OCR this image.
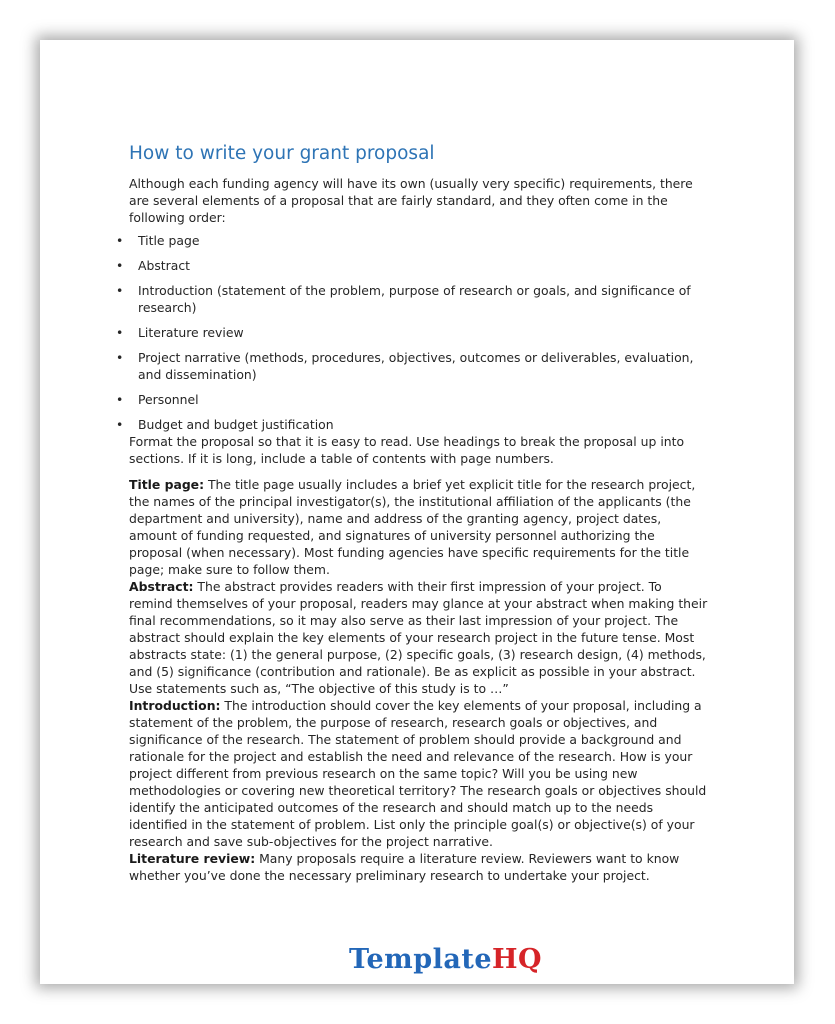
How to write your grant proposal

Although each funding agency will have its own (usually very specific) requirements, there are several elements of a proposal that are fairly standard, and they often come in the following order:

• Title page
• Abstract
• Introduction (statement of the problem, purpose of research or goals, and significance of research)
• Literature review
• Project narrative (methods, procedures, objectives, outcomes or deliverables, evaluation, and dissemination)
• Personnel
• Budget and budget justification

Format the proposal so that it is easy to read. Use headings to break the proposal up into sections. If it is long, include a table of contents with page numbers.

Title page: The title page usually includes a brief yet explicit title for the research project, the names of the principal investigator(s), the institutional affiliation of the applicants (the department and university), name and address of the granting agency, project dates, amount of funding requested, and signatures of university personnel authorizing the proposal (when necessary). Most funding agencies have specific requirements for the title page; make sure to follow them.

Abstract: The abstract provides readers with their first impression of your project. To remind themselves of your proposal, readers may glance at your abstract when making their final recommendations, so it may also serve as their last impression of your project. The abstract should explain the key elements of your research project in the future tense. Most abstracts state: (1) the general purpose, (2) specific goals, (3) research design, (4) methods, and (5) significance (contribution and rationale). Be as explicit as possible in your abstract. Use statements such as, “The objective of this study is to …”

Introduction: The introduction should cover the key elements of your proposal, including a statement of the problem, the purpose of research, research goals or objectives, and significance of the research. The statement of problem should provide a background and rationale for the project and establish the need and relevance of the research. How is your project different from previous research on the same topic? Will you be using new methodologies or covering new theoretical territory? The research goals or objectives should identify the anticipated outcomes of the research and should match up to the needs identified in the statement of problem. List only the principle goal(s) or objective(s) of your research and save sub-objectives for the project narrative.

Literature review: Many proposals require a literature review. Reviewers want to know whether you’ve done the necessary preliminary research to undertake your project.

TemplateHQ
